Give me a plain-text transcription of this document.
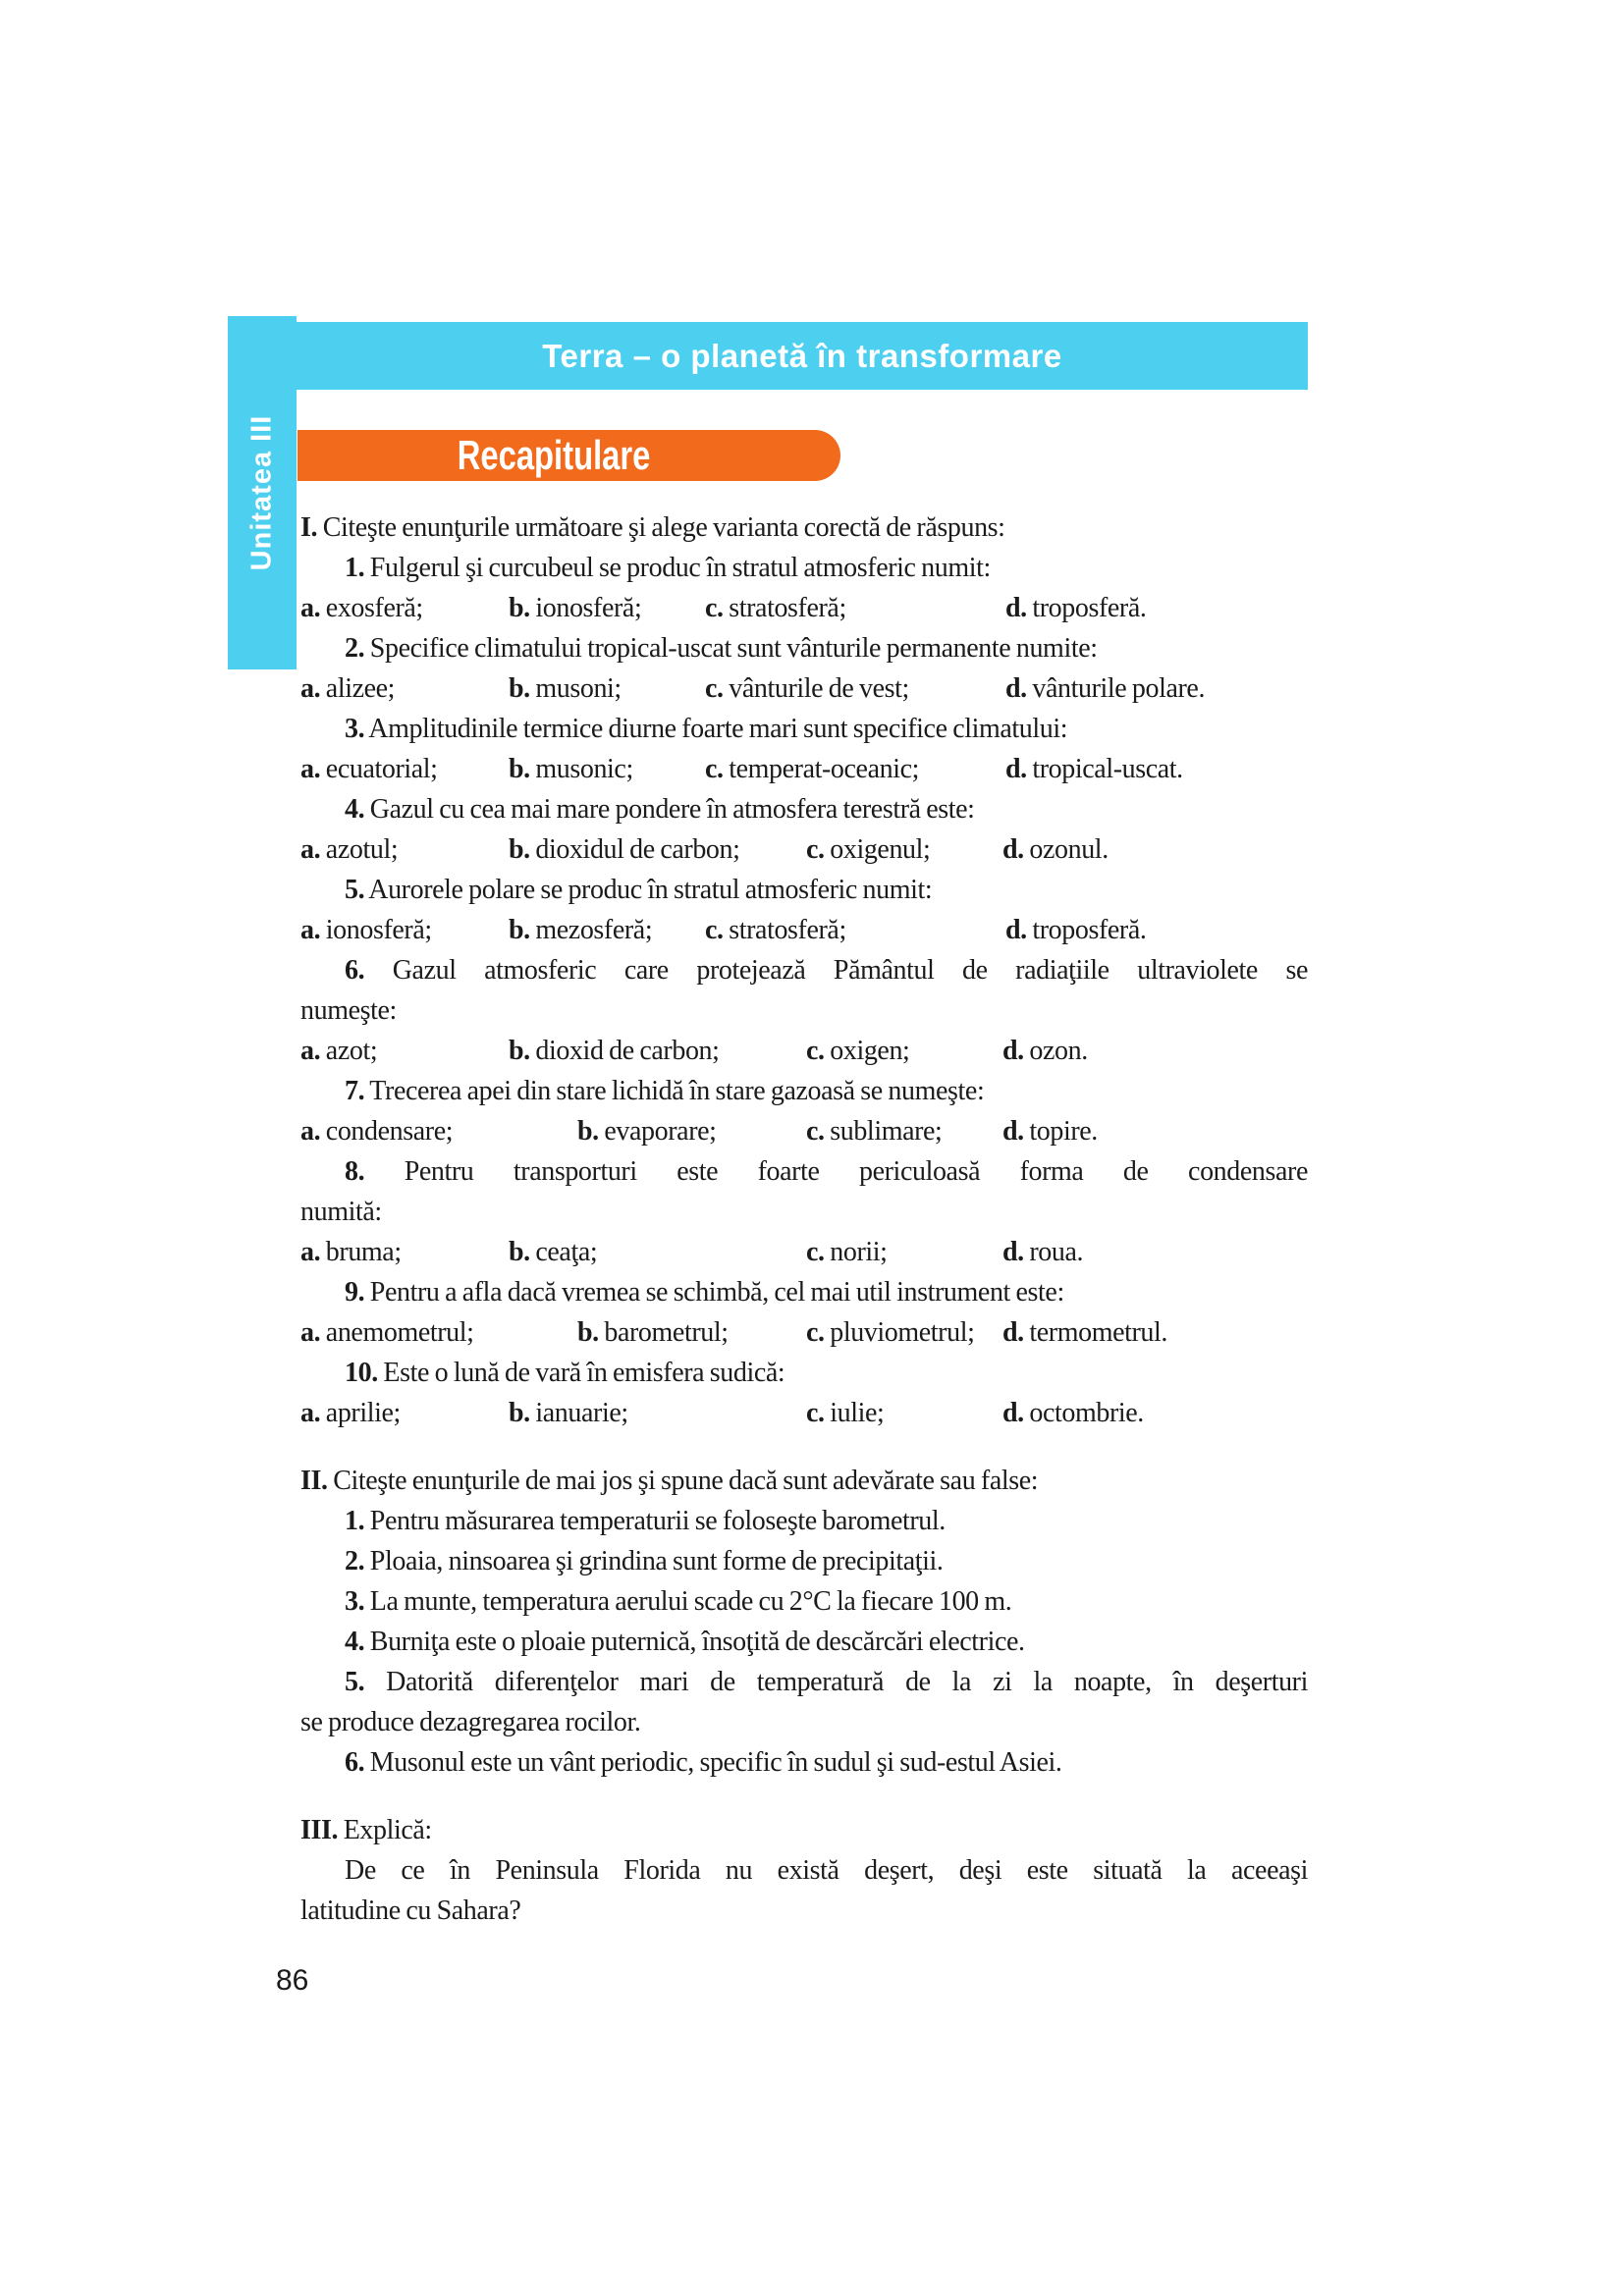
Unitatea III
Terra – o planetă în transformare
Recapitulare
I. Citeşte enunţurile următoare şi alege varianta corectă de răspuns:
1. Fulgerul şi curcubeul se produc în stratul atmosferic numit:
a. exosferă;	b. ionosferă;	c. stratosferă;	d. troposferă.
2. Specifice climatului tropical-uscat sunt vânturile permanente numite:
a. alizee;	b. musoni;	c. vânturile de vest;	d. vânturile polare.
3. Amplitudinile termice diurne foarte mari sunt specifice climatului:
a. ecuatorial;	b. musonic;	c. temperat-oceanic;	d. tropical-uscat.
4. Gazul cu cea mai mare pondere în atmosfera terestră este:
a. azotul;	b. dioxidul de carbon;	c. oxigenul;	d. ozonul.
5. Aurorele polare se produc în stratul atmosferic numit:
a. ionosferă;	b. mezosferă;	c. stratosferă;	d. troposferă.
6. Gazul atmosferic care protejează Pământul de radiaţiile ultraviolete se
numeşte:
a. azot;	b. dioxid de carbon;	c. oxigen;	d. ozon.
7. Trecerea apei din stare lichidă în stare gazoasă se numeşte:
a. condensare;	b. evaporare;	c. sublimare;	d. topire.
8. Pentru transporturi este foarte periculoasă forma de condensare
numită:
a. bruma;	b. ceaţa;	c. norii;	d. roua.
9. Pentru a afla dacă vremea se schimbă, cel mai util instrument este:
a. anemometrul;	b. barometrul;	c. pluviometrul;	d. termometrul.
10. Este o lună de vară în emisfera sudică:
a. aprilie;	b. ianuarie;	c. iulie;	d. octombrie.
II. Citeşte enunţurile de mai jos şi spune dacă sunt adevărate sau false:
1. Pentru măsurarea temperaturii se foloseşte barometrul.
2. Ploaia, ninsoarea şi grindina sunt forme de precipitaţii.
3. La munte, temperatura aerului scade cu 2°C la fiecare 100 m.
4. Burniţa este o ploaie puternică, însoţită de descărcări electrice.
5. Datorită diferenţelor mari de temperatură de la zi la noapte, în deşerturi
se produce dezagregarea rocilor.
6. Musonul este un vânt periodic, specific în sudul şi sud-estul Asiei.
III. Explică:
De ce în Peninsula Florida nu există deşert, deşi este situată la aceeaşi
latitudine cu Sahara?
86
